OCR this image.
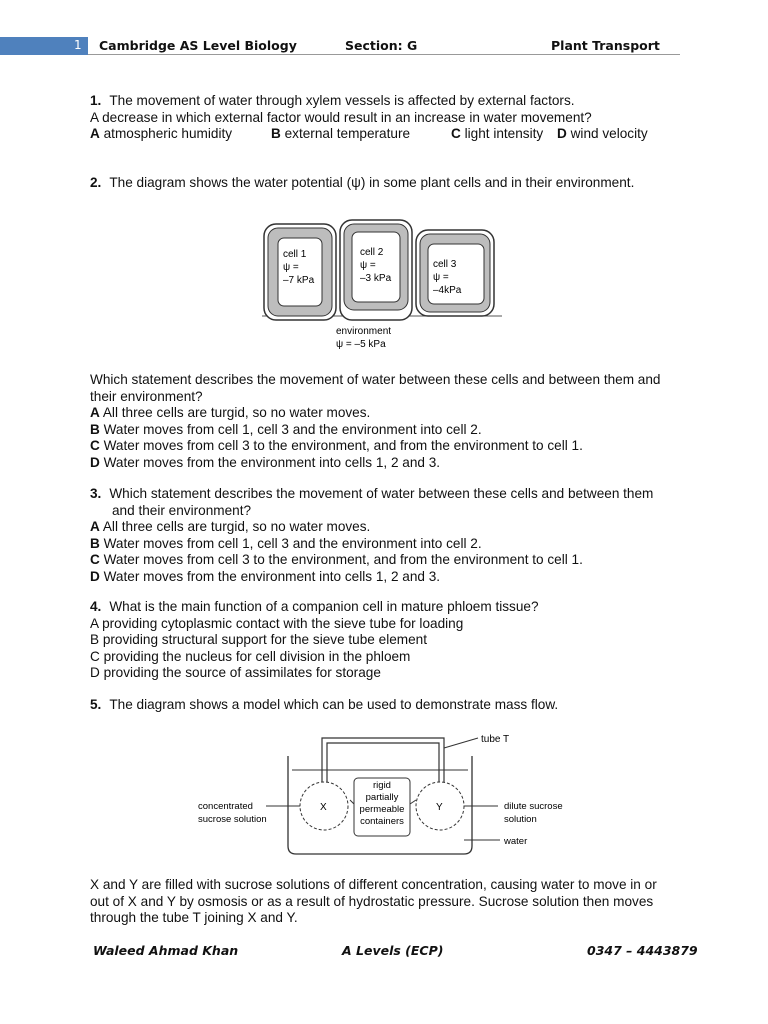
1 Cambridge AS Level Biology	Section: G	Plant Transport
1. The movement of water through xylem vessels is affected by external factors.
A decrease in which external factor would result in an increase in water movement?
A atmospheric humidity	B external temperature	C light intensity D wind velocity
2. The diagram shows the water potential (ψ) in some plant cells and in their environment.
cell 1
ψ =
–7 kPa
cell 2
ψ =
–3 kPa
cell 3
ψ =
–4kPa
environment
ψ = –5 kPa
Which statement describes the movement of water between these cells and between them and
their environment?
A All three cells are turgid, so no water moves.
B Water moves from cell 1, cell 3 and the environment into cell 2.
C Water moves from cell 3 to the environment, and from the environment to cell 1.
D Water moves from the environment into cells 1, 2 and 3.
3. Which statement describes the movement of water between these cells and between them
and their environment?
A All three cells are turgid, so no water moves.
B Water moves from cell 1, cell 3 and the environment into cell 2.
C Water moves from cell 3 to the environment, and from the environment to cell 1.
D Water moves from the environment into cells 1, 2 and 3.
4. What is the main function of a companion cell in mature phloem tissue?
A providing cytoplasmic contact with the sieve tube for loading
B providing structural support for the sieve tube element
C providing the nucleus for cell division in the phloem
D providing the source of assimilates for storage
5. The diagram shows a model which can be used to demonstrate mass flow.
tube T
X	Y
rigid
partially
permeable
containers
concentrated
sucrose solution
dilute sucrose
solution
water
X and Y are filled with sucrose solutions of different concentration, causing water to move in or
out of X and Y by osmosis or as a result of hydrostatic pressure. Sucrose solution then moves
through the tube T joining X and Y.
Waleed Ahmad Khan	A Levels (ECP)	0347 – 4443879
